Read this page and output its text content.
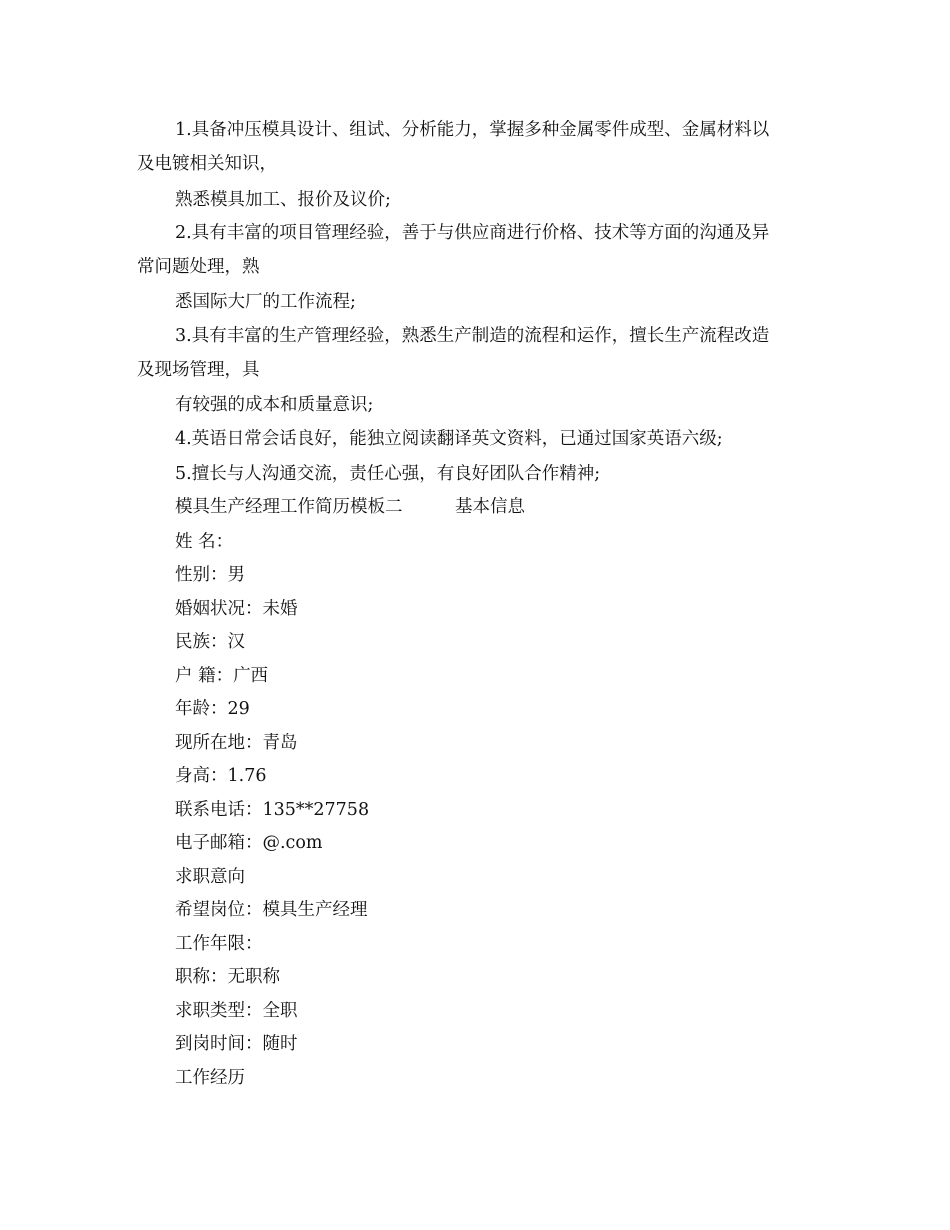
1.具备冲压模具设计、组试、分析能力，掌握多种金属零件成型、金属材料以

及电镀相关知识，

熟悉模具加工、报价及议价;

2.具有丰富的项目管理经验，善于与供应商进行价格、技术等方面的沟通及异

常问题处理，熟

悉国际大厂的工作流程;

3.具有丰富的生产管理经验，熟悉生产制造的流程和运作，擅长生产流程改造

及现场管理，具

有较强的成本和质量意识;

4.英语日常会话良好，能独立阅读翻译英文资料，已通过国家英语六级;

5.擅长与人沟通交流，责任心强，有良好团队合作精神;

模具生产经理工作简历模板二	基本信息

姓 名：

性别：男

婚姻状况：未婚

民族：汉

户 籍：广西

年龄：29

现所在地：青岛

身高：1.76

联系电话：135**27758

电子邮箱：@.com

求职意向

希望岗位：模具生产经理

工作年限：

职称：无职称

求职类型：全职

到岗时间：随时

工作经历
